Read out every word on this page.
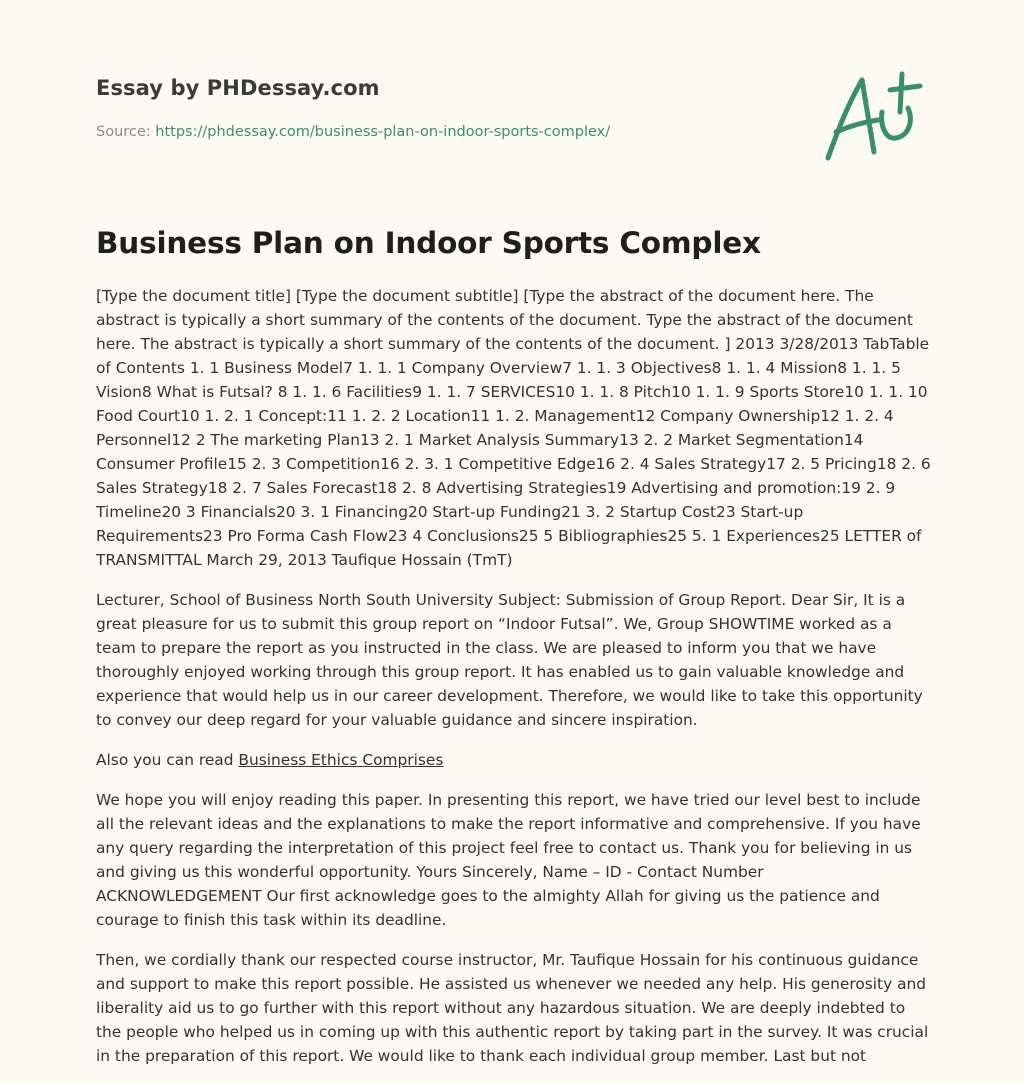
Essay by PHDessay.com
Source: https://phdessay.com/business-plan-on-indoor-sports-complex/
Business Plan on Indoor Sports Complex

[Type the document title] [Type the document subtitle] [Type the abstract of the document here. The abstract is typically a short summary of the contents of the document. Type the abstract of the document here. The abstract is typically a short summary of the contents of the document. ] 2013 3/28/2013 TabTable of Contents 1. 1 Business Model7 1. 1. 1 Company Overview7 1. 1. 3 Objectives8 1. 1. 4 Mission8 1. 1. 5 Vision8 What is Futsal? 8 1. 1. 6 Facilities9 1. 1. 7 SERVICES10 1. 1. 8 Pitch10 1. 1. 9 Sports Store10 1. 1. 10 Food Court10 1. 2. 1 Concept:11 1. 2. 2 Location11 1. 2. Management12 Company Ownership12 1. 2. 4 Personnel12 2 The marketing Plan13 2. 1 Market Analysis Summary13 2. 2 Market Segmentation14 Consumer Profile15 2. 3 Competition16 2. 3. 1 Competitive Edge16 2. 4 Sales Strategy17 2. 5 Pricing18 2. 6 Sales Strategy18 2. 7 Sales Forecast18 2. 8 Advertising Strategies19 Advertising and promotion:19 2. 9 Timeline20 3 Financials20 3. 1 Financing20 Start-up Funding21 3. 2 Startup Cost23 Start-up Requirements23 Pro Forma Cash Flow23 4 Conclusions25 5 Bibliographies25 5. 1 Experiences25 LETTER of TRANSMITTAL March 29, 2013 Taufique Hossain (TmT)

Lecturer, School of Business North South University Subject: Submission of Group Report. Dear Sir, It is a great pleasure for us to submit this group report on “Indoor Futsal”. We, Group SHOWTIME worked as a team to prepare the report as you instructed in the class. We are pleased to inform you that we have thoroughly enjoyed working through this group report. It has enabled us to gain valuable knowledge and experience that would help us in our career development. Therefore, we would like to take this opportunity to convey our deep regard for your valuable guidance and sincere inspiration.

Also you can read Business Ethics Comprises

We hope you will enjoy reading this paper. In presenting this report, we have tried our level best to include all the relevant ideas and the explanations to make the report informative and comprehensive. If you have any query regarding the interpretation of this project feel free to contact us. Thank you for believing in us and giving us this wonderful opportunity. Yours Sincerely, Name – ID - Contact Number ACKNOWLEDGEMENT Our first acknowledge goes to the almighty Allah for giving us the patience and courage to finish this task within its deadline.

Then, we cordially thank our respected course instructor, Mr. Taufique Hossain for his continuous guidance and support to make this report possible. He assisted us whenever we needed any help. His generosity and liberality aid us to go further with this report without any hazardous situation. We are deeply indebted to the people who helped us in coming up with this authentic report by taking part in the survey. It was crucial in the preparation of this report. We would like to thank each individual group member. Last but not
